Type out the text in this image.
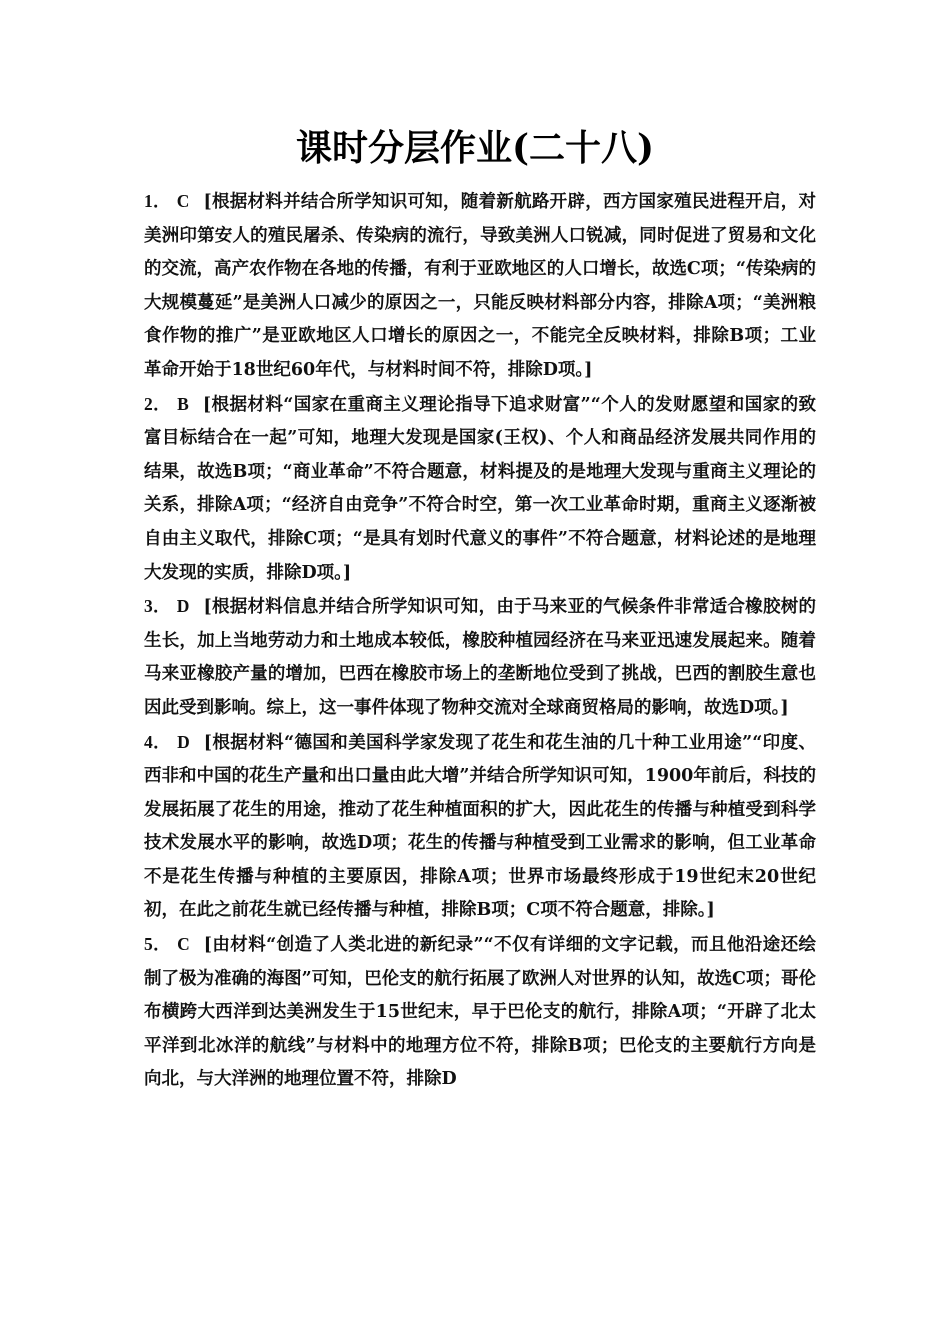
课时分层作业(二十八)

1． C [根据材料并结合所学知识可知，随着新航路开辟，西方国家殖民进程开启，对美洲印第安人的殖民屠杀、传染病的流行，导致美洲人口锐减，同时促进了贸易和文化的交流，高产农作物在各地的传播，有利于亚欧地区的人口增长，故选C项；“传染病的大规模蔓延”是美洲人口减少的原因之一，只能反映材料部分内容，排除A项；“美洲粮食作物的推广”是亚欧地区人口增长的原因之一，不能完全反映材料，排除B项；工业革命开始于18世纪60年代，与材料时间不符，排除D项。]

2． B [根据材料“国家在重商主义理论指导下追求财富”“个人的发财愿望和国家的致富目标结合在一起”可知，地理大发现是国家(王权)、个人和商品经济发展共同作用的结果，故选B项；“商业革命”不符合题意，材料提及的是地理大发现与重商主义理论的关系，排除A项；“经济自由竞争”不符合时空，第一次工业革命时期，重商主义逐渐被自由主义取代，排除C项；“是具有划时代意义的事件”不符合题意，材料论述的是地理大发现的实质，排除D项。]

3． D [根据材料信息并结合所学知识可知，由于马来亚的气候条件非常适合橡胶树的生长，加上当地劳动力和土地成本较低，橡胶种植园经济在马来亚迅速发展起来。随着马来亚橡胶产量的增加，巴西在橡胶市场上的垄断地位受到了挑战，巴西的割胶生意也因此受到影响。综上，这一事件体现了物种交流对全球商贸格局的影响，故选D项。]

4． D [根据材料“德国和美国科学家发现了花生和花生油的几十种工业用途”“印度、西非和中国的花生产量和出口量由此大增”并结合所学知识可知，1900年前后，科技的发展拓展了花生的用途，推动了花生种植面积的扩大，因此花生的传播与种植受到科学技术发展水平的影响，故选D项；花生的传播与种植受到工业需求的影响，但工业革命不是花生传播与种植的主要原因，排除A项；世界市场最终形成于19世纪末20世纪初，在此之前花生就已经传播与种植，排除B项；C项不符合题意，排除。]

5． C [由材料“创造了人类北进的新纪录”“不仅有详细的文字记载，而且他沿途还绘制了极为准确的海图”可知，巴伦支的航行拓展了欧洲人对世界的认知，故选C项；哥伦布横跨大西洋到达美洲发生于15世纪末，早于巴伦支的航行，排除A项；“开辟了北太平洋到北冰洋的航线”与材料中的地理方位不符，排除B项；巴伦支的主要航行方向是向北，与大洋洲的地理位置不符，排除D
